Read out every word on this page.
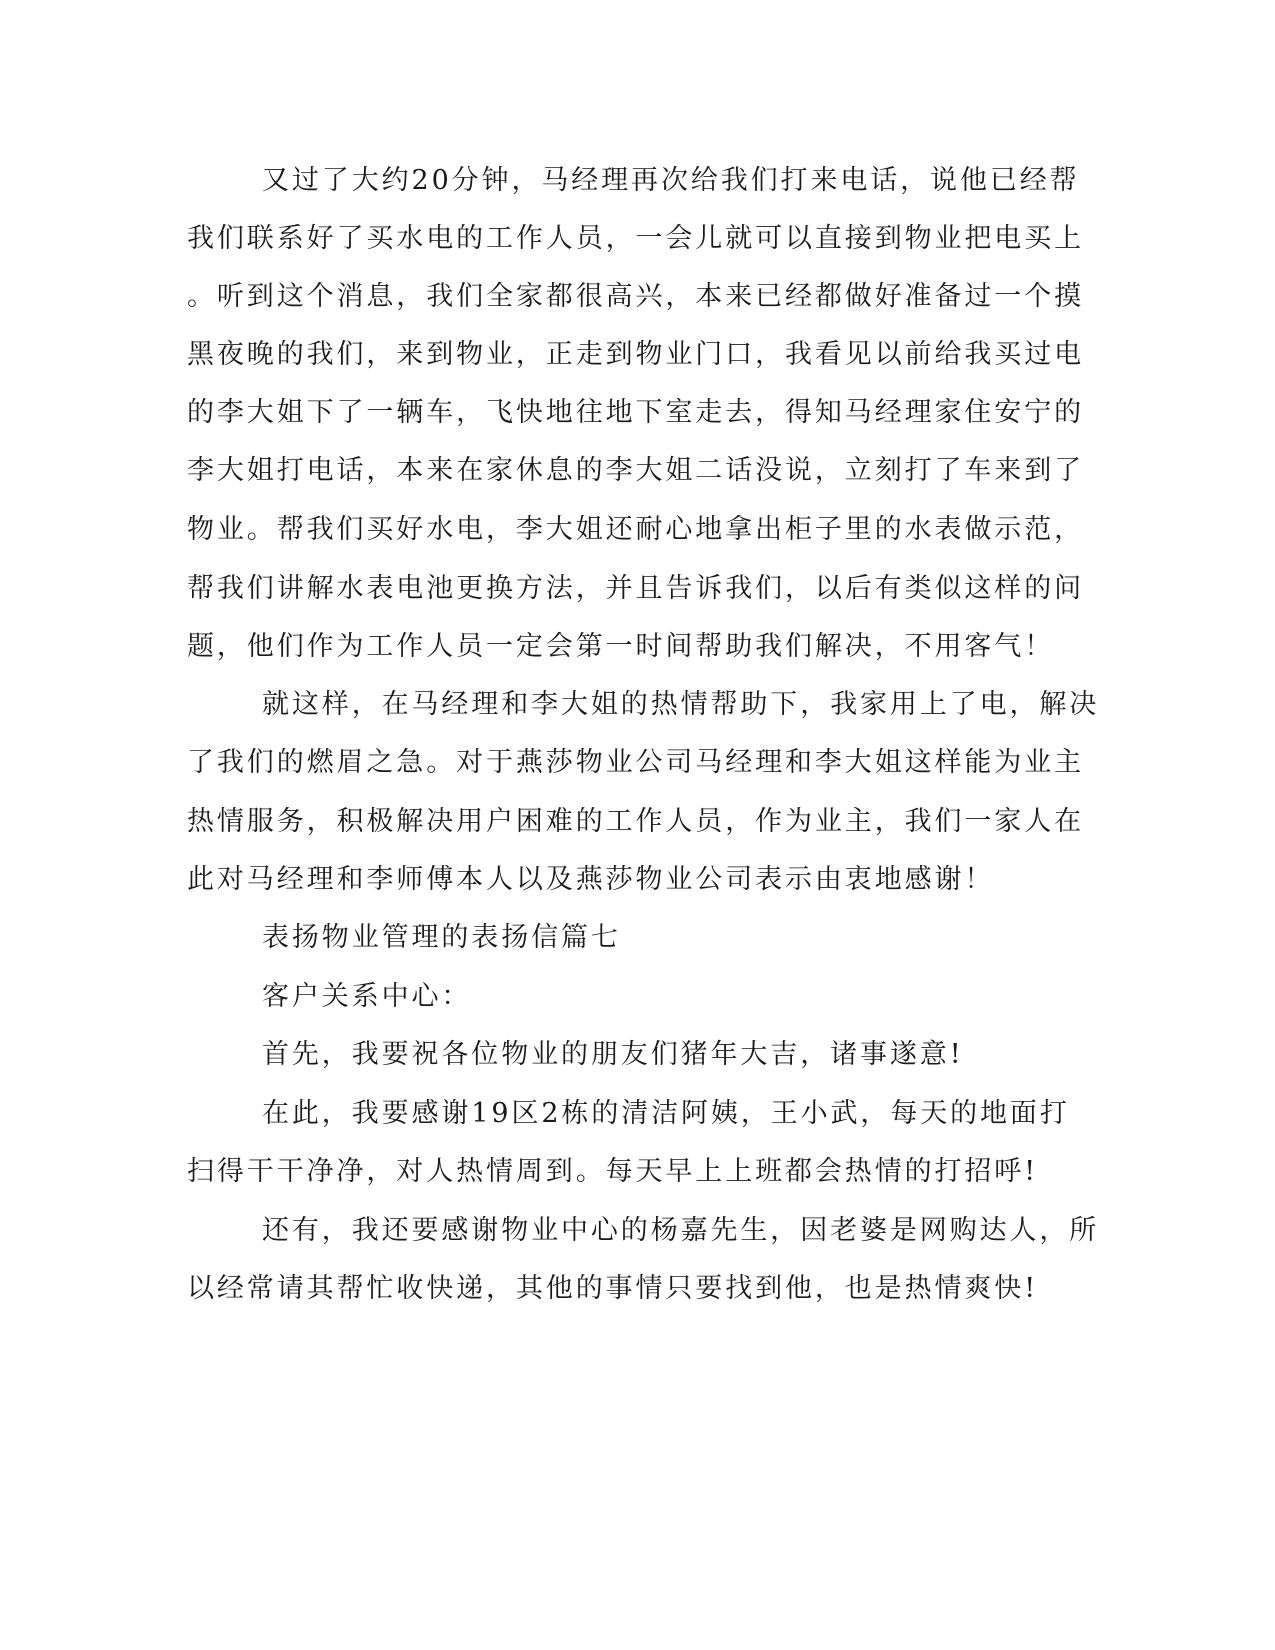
又过了大约20分钟，马经理再次给我们打来电话，说他已经帮
我们联系好了买水电的工作人员，一会儿就可以直接到物业把电买上
。听到这个消息，我们全家都很高兴，本来已经都做好准备过一个摸
黑夜晚的我们，来到物业，正走到物业门口，我看见以前给我买过电
的李大姐下了一辆车，飞快地往地下室走去，得知马经理家住安宁的
李大姐打电话，本来在家休息的李大姐二话没说，立刻打了车来到了
物业。帮我们买好水电，李大姐还耐心地拿出柜子里的水表做示范，
帮我们讲解水表电池更换方法，并且告诉我们，以后有类似这样的问
题，他们作为工作人员一定会第一时间帮助我们解决，不用客气！
就这样，在马经理和李大姐的热情帮助下，我家用上了电，解决
了我们的燃眉之急。对于燕莎物业公司马经理和李大姐这样能为业主
热情服务，积极解决用户困难的工作人员，作为业主，我们一家人在
此对马经理和李师傅本人以及燕莎物业公司表示由衷地感谢！
表扬物业管理的表扬信篇七
客户关系中心：
首先，我要祝各位物业的朋友们猪年大吉，诸事遂意!
在此，我要感谢19区2栋的清洁阿姨，王小武，每天的地面打
扫得干干净净，对人热情周到。每天早上上班都会热情的打招呼!
还有，我还要感谢物业中心的杨嘉先生，因老婆是网购达人，所
以经常请其帮忙收快递，其他的事情只要找到他，也是热情爽快!
